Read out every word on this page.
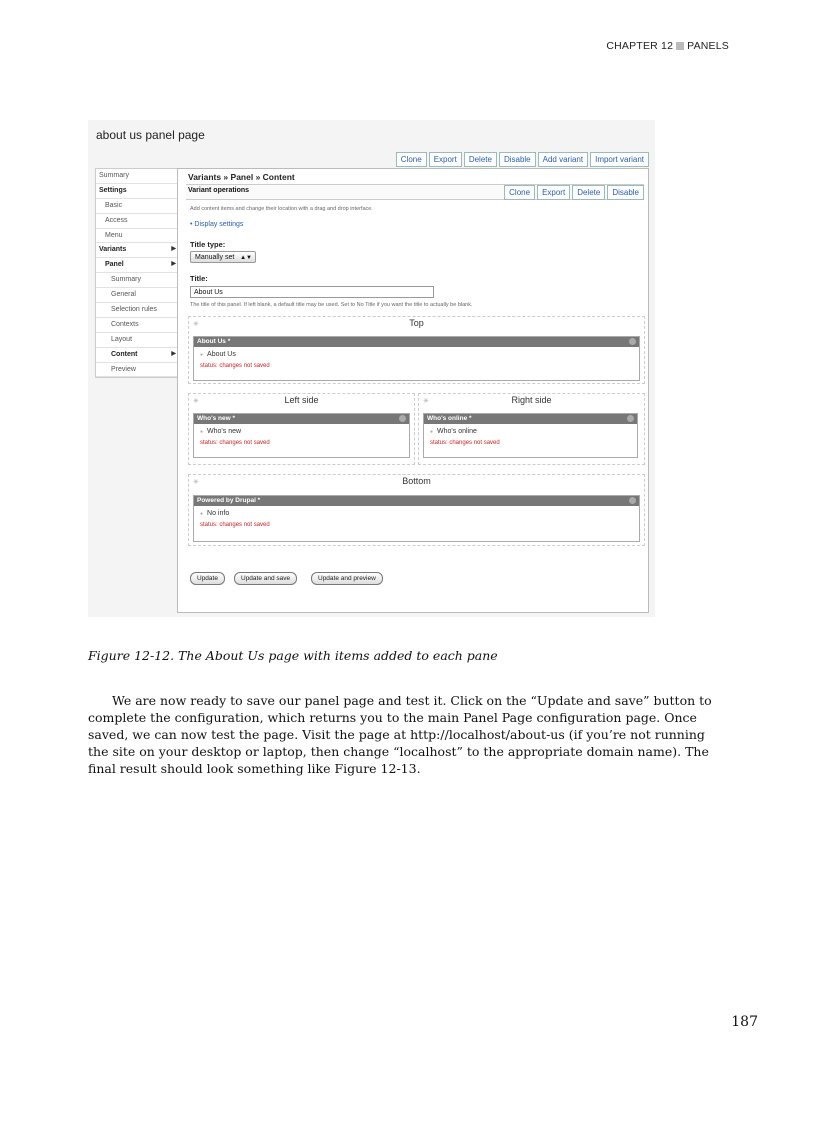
CHAPTER 12 PANELS
about us panel page
Clone	Export	Delete	Disable	Add variant	Import variant
Summary
Settings
Basic
Access
Menu
Variants	▶
Panel	▶
Summary
General
Selection rules
Contexts
Layout
Content	▶
Preview
Variants » Panel » Content
Variant operations	Clone	Export	Delete	Disable
Add content items and change their location with a drag and drop interface.
• Display settings
Title type:
Manually set ▲▼
Title:
About Us
The title of this panel. If left blank, a default title may be used. Set to No Title if you want the title to actually be blank.
✳	Top
About Us *
● About Us
status: changes not saved
✳	Left side
Who's new *
● Who's new
status: changes not saved
✳	Right side
Who's online *
● Who's online
status: changes not saved
✳	Bottom
Powered by Drupal *
● No info
status: changes not saved
Update	Update and save	Update and preview
Figure 12-12. The About Us page with items added to each pane

We are now ready to save our panel page and test it. Click on the “Update and save” button to complete the configuration, which returns you to the main Panel Page configuration page. Once saved, we can now test the page. Visit the page at http://localhost/about-us (if you’re not running the site on your desktop or laptop, then change “localhost” to the appropriate domain name). The final result should look something like Figure 12-13.

187
